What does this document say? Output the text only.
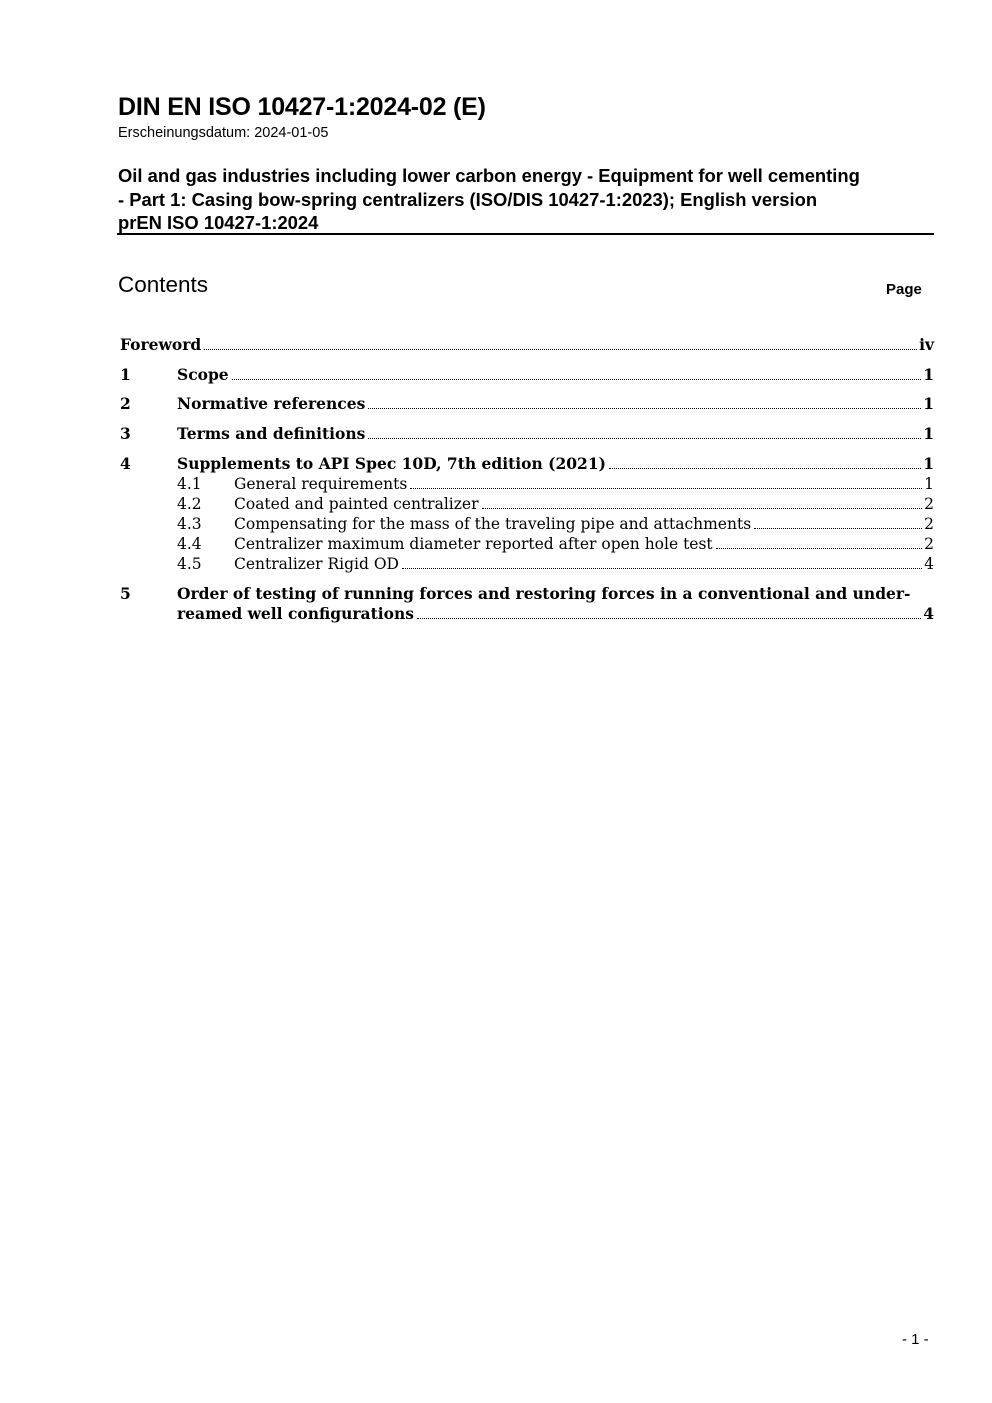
DIN EN ISO 10427-1:2024-02 (E)
Erscheinungsdatum: 2024-01-05
Oil and gas industries including lower carbon energy - Equipment for well cementing
- Part 1: Casing bow-spring centralizers (ISO/DIS 10427-1:2023); English version
prEN ISO 10427-1:2024
Contents	Page
Foreword	iv
1	Scope	1
2	Normative references	1
3	Terms and definitions	1
4	Supplements to API Spec 10D, 7th edition (2021)	1
4.1 General requirements	1
4.2 Coated and painted centralizer	2
4.3 Compensating for the mass of the traveling pipe and attachments	2
4.4 Centralizer maximum diameter reported after open hole test	2
4.5 Centralizer Rigid OD	4
5	Order of testing of running forces and restoring forces in a conventional and under-
reamed well configurations	4
- 1 -
